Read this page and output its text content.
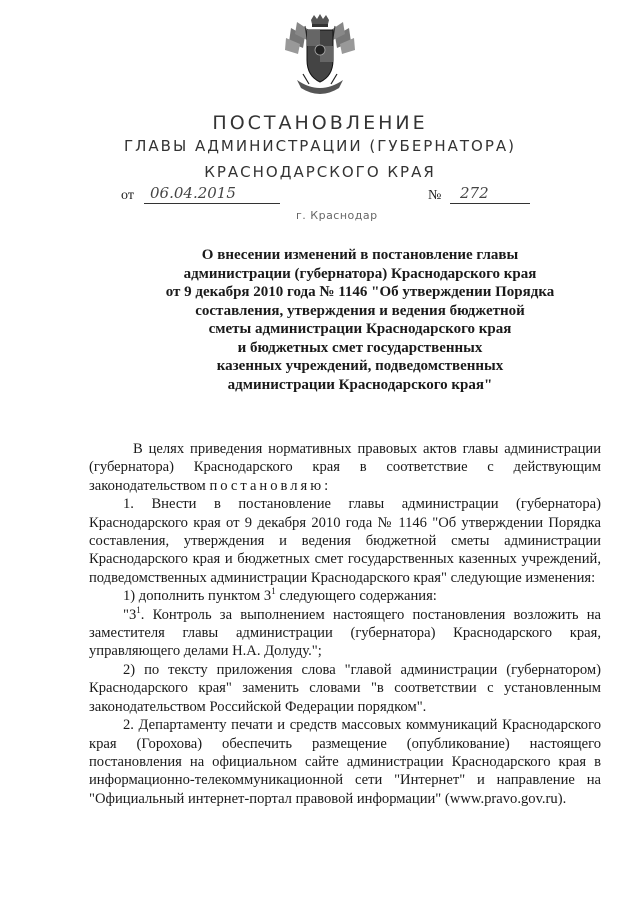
ПОСТАНОВЛЕНИЕ
ГЛАВЫ АДМИНИСТРАЦИИ (ГУБЕРНАТОРА)
КРАСНОДАРСКОГО КРАЯ
от 06.04.2015	№ 272
г. Краснодар
О внесении изменений в постановление главы
администрации (губернатора) Краснодарского края
от 9 декабря 2010 года № 1146 "Об утверждении Порядка
составления, утверждения и ведения бюджетной
сметы администрации Краснодарского края
и бюджетных смет государственных
казенных учреждений, подведомственных
администрации Краснодарского края"

В целях приведения нормативных правовых актов главы администрации (губернатора) Краснодарского края в соответствие с действующим законодательством постановляю:

1. Внести в постановление главы администрации (губернатора) Краснодарского края от 9 декабря 2010 года № 1146 "Об утверждении Порядка составления, утверждения и ведения бюджетной сметы администрации Краснодарского края и бюджетных смет государственных казенных учреждений, подведомственных администрации Краснодарского края" следующие изменения:

1) дополнить пунктом $3^1$ следующего содержания:

"$3^1$. Контроль за выполнением настоящего постановления возложить на заместителя главы администрации (губернатора) Краснодарского края, управляющего делами Н.А. Долуду.";

2) по тексту приложения слова "главой администрации (губернатором) Краснодарского края" заменить словами "в соответствии с установленным законодательством Российской Федерации порядком".

2. Департаменту печати и средств массовых коммуникаций Краснодарского края (Горохова) обеспечить размещение (опубликование) настоящего постановления на официальном сайте администрации Краснодарского края в информационно-телекоммуникационной сети "Интернет" и направление на "Официальный интернет-портал правовой информации" (www.pravo.gov.ru).
